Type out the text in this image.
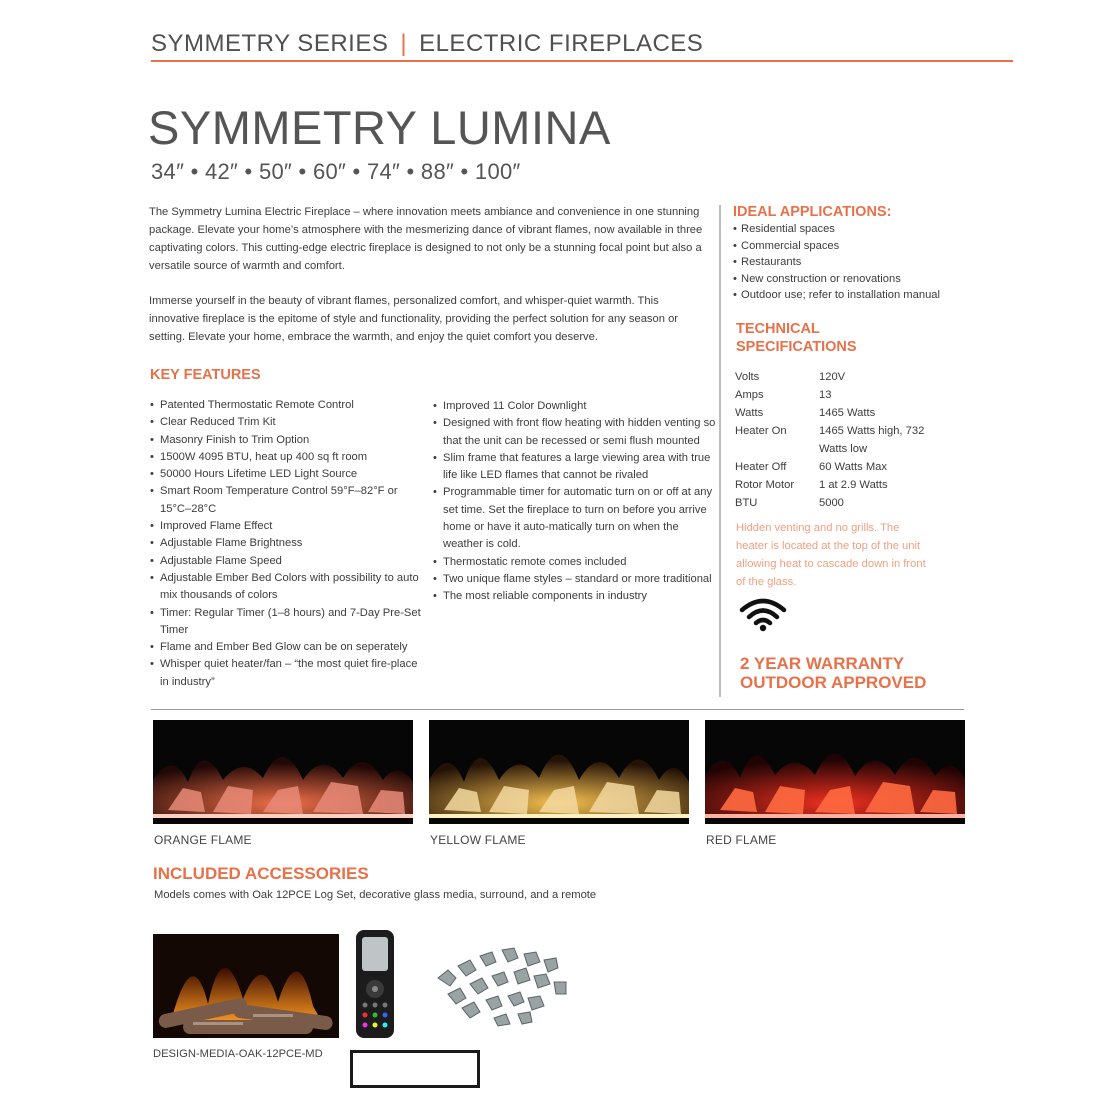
SYMMETRY SERIES | ELECTRIC FIREPLACES
SYMMETRY LUMINA
34″ • 42″ • 50″ • 60″ • 74″ • 88″ • 100″

The Symmetry Lumina Electric Fireplace – where innovation meets ambiance and convenience in one stunning package. Elevate your home’s atmosphere with the mesmerizing dance of vibrant flames, now available in three captivating colors. This cutting-edge electric fireplace is designed to not only be a stunning focal point but also a versatile source of warmth and comfort.

Immerse yourself in the beauty of vibrant flames, personalized comfort, and whisper-quiet warmth. This innovative fireplace is the epitome of style and functionality, providing the perfect solution for any season or setting. Elevate your home, embrace the warmth, and enjoy the quiet comfort you deserve.

KEY FEATURES
• Patented Thermostatic Remote Control
• Clear Reduced Trim Kit
• Masonry Finish to Trim Option
• 1500W 4095 BTU, heat up 400 sq ft room
• 50000 Hours Lifetime LED Light Source
• Smart Room Temperature Control 59°F–82°F or 15°C–28°C
• Improved Flame Effect
• Adjustable Flame Brightness
• Adjustable Flame Speed
• Adjustable Ember Bed Colors with possibility to auto mix thousands of colors
• Timer: Regular Timer (1–8 hours) and 7-Day Pre-Set Timer
• Flame and Ember Bed Glow can be on seperately
• Whisper quiet heater/fan – “the most quiet fire-place in industry”
• Improved 11 Color Downlight
• Designed with front flow heating with hidden venting so that the unit can be recessed or semi flush mounted
• Slim frame that features a large viewing area with true life like LED flames that cannot be rivaled
• Programmable timer for automatic turn on or off at any set time. Set the fireplace to turn on before you arrive home or have it auto-matically turn on when the weather is cold.
• Thermostatic remote comes included
• Two unique flame styles – standard or more traditional
• The most reliable components in industry
IDEAL APPLICATIONS:
• Residential spaces
• Commercial spaces
• Restaurants
• New construction or renovations
• Outdoor use; refer to installation manual
TECHNICAL
SPECIFICATIONS
Volts	120V
Amps	13
Watts	1465 Watts
Heater On	1465 Watts high, 732 Watts low
Heater Off	60 Watts Max
Rotor Motor	1 at 2.9 Watts
BTU	5000
Hidden venting and no grills. The heater is located at the top of the unit allowing heat to cascade down in front of the glass.
2 YEAR WARRANTY
OUTDOOR APPROVED
ORANGE FLAME	YELLOW FLAME	RED FLAME
INCLUDED ACCESSORIES
Models comes with Oak 12PCE Log Set, decorative glass media, surround, and a remote
DESIGN-MEDIA-OAK-12PCE-MD
